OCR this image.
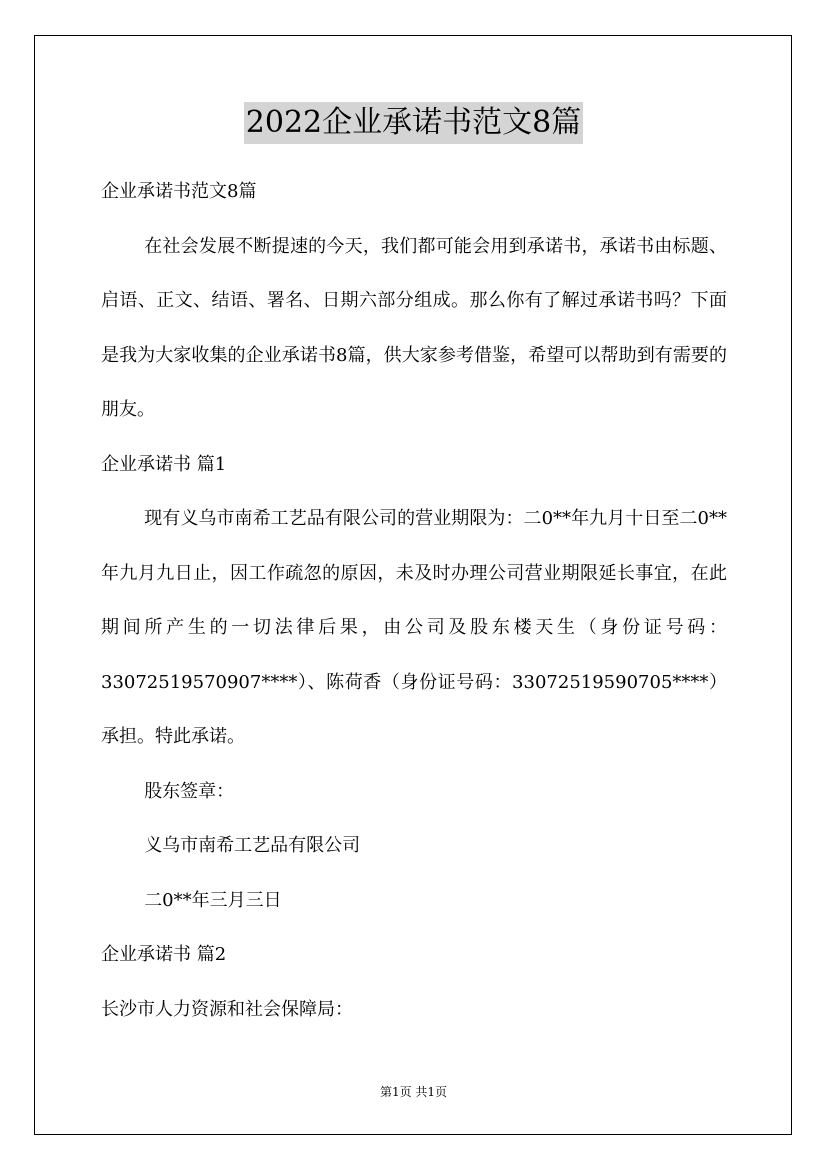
2022企业承诺书范文8篇

企业承诺书范文8篇

在社会发展不断提速的今天，我们都可能会用到承诺书，承诺书由标题、启语、正文、结语、署名、日期六部分组成。那么你有了解过承诺书吗？下面是我为大家收集的企业承诺书8篇，供大家参考借鉴，希望可以帮助到有需要的朋友。

企业承诺书 篇1

现有义乌市南希工艺品有限公司的营业期限为：二0**年九月十日至二0**年九月九日止，因工作疏忽的原因，未及时办理公司营业期限延长事宜，在此期间所产生的一切法律后果，由公司及股东楼天生（身份证号码：33072519570907****）、陈荷香（身份证号码：33072519590705****）承担。特此承诺。

股东签章：

义乌市南希工艺品有限公司

二0**年三月三日

企业承诺书 篇2

长沙市人力资源和社会保障局：

第1页 共1页
